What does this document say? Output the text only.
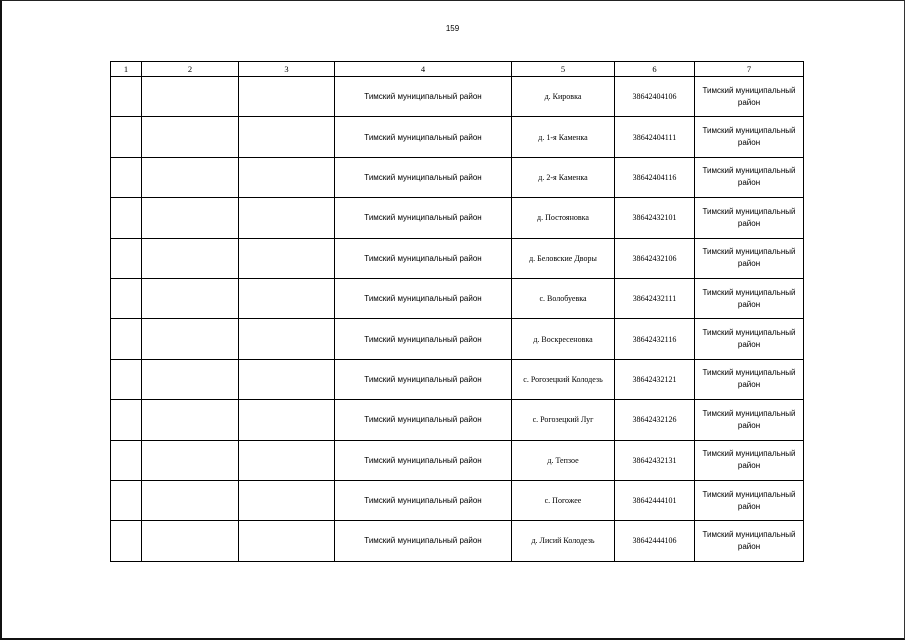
159
1	2	3	4	5	6	7
			Тимский муниципальный район	д. Кировка	38642404106	Тимский муниципальный район
			Тимский муниципальный район	д. 1-я Каменка	38642404111	Тимский муниципальный район
			Тимский муниципальный район	д. 2-я Каменка	38642404116	Тимский муниципальный район
			Тимский муниципальный район	д. Постояновка	38642432101	Тимский муниципальный район
			Тимский муниципальный район	д. Беловские Дворы	38642432106	Тимский муниципальный район
			Тимский муниципальный район	с. Волобуевка	38642432111	Тимский муниципальный район
			Тимский муниципальный район	д. Воскресеновка	38642432116	Тимский муниципальный район
			Тимский муниципальный район	с. Рогозецкий Колодезь	38642432121	Тимский муниципальный район
			Тимский муниципальный район	с. Рогозецкий Луг	38642432126	Тимский муниципальный район
			Тимский муниципальный район	д. Тепзое	38642432131	Тимский муниципальный район
			Тимский муниципальный район	с. Погожее	38642444101	Тимский муниципальный район
			Тимский муниципальный район	д. Лисий Колодезь	38642444106	Тимский муниципальный район
